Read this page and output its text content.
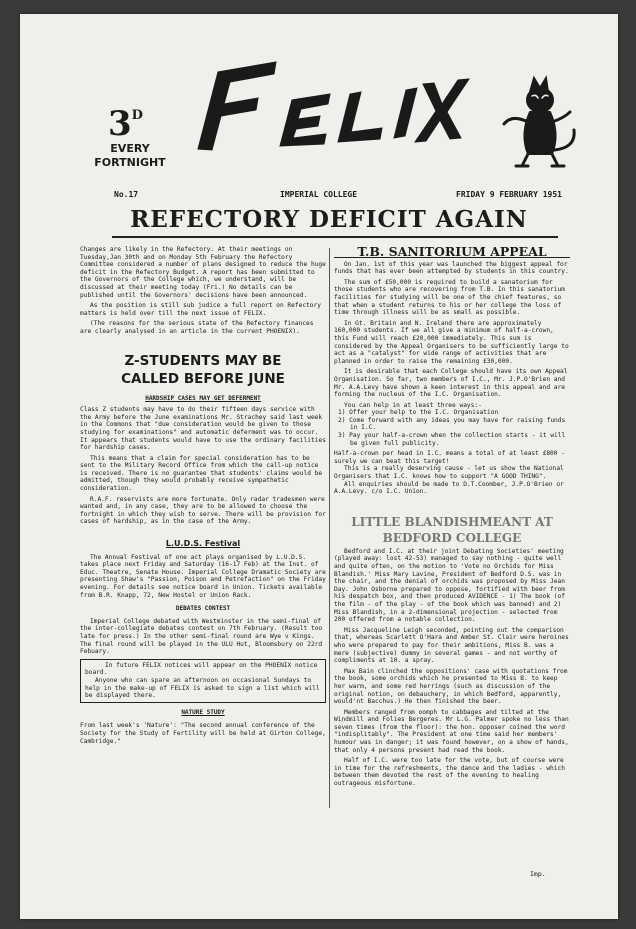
$3^D$
EVERY
FORTNIGHT
No.17	IMPERIAL COLLEGE	FRIDAY 9 FEBRUARY 1951
REFECTORY DEFICIT AGAIN

Changes are likely in the Refectory. At their meetings on Tuesday,Jan 30th and on Monday 5th February the Refectory Committee considered a number of plans designed to reduce the huge deficit in the Refectory Budget. A report has been submitted to the Governors of the College which, we understand, will be discussed at their meeting today (Fri.) No details can be published until the Governors' decisions have been announced.

As the position is still sub judice a full report on Refectory matters is held over till the next issue of FELIX.

(The reasons for the serious state of the Refectory finances are clearly analysed in an article in the current PHOENIX).

Z-STUDENTS MAY BE

CALLED BEFORE JUNE

HARDSHIP CASES MAY GET DEFERMENT

Class Z students may have to do their fifteen days service with the Army before the June examinations Mr. Strachey said last week in the Commons that "due consideration would be given to those studying for examinations" and automatic deferment was to occur. It appears that students would have to use the ordinary facilities for hardship cases.

This means that a claim for special consideration has to be sent to the Military Record Office from which the call-up notice is received. There is no guarantee that students' claims would be admitted, though they would probably receive sympathetic consideration.

R.A.F. reservists are more fortunate. Only radar tradesmen were wanted and, in any case, they are to be allowed to choose the fortnight in which they wish to serve. There will be provision for cases of hardship, as in the case of the Army.

L.U.D.S. Festival

The Annual Festival of one act plays organised by L.U.D.S. takes place next Friday and Saturday (16-17 Feb) at the Inst. of Educ. Theatre, Senate House. Imperial College Dramatic Society are presenting Shaw's "Passion, Poison and Petrefaction" on the Friday evening. For details see notice board in Union. Tickets available from B.R. Knapp, 72, New Hostel or Union Rack.

DEBATES CONTEST

Imperial College debated with Westminster in the semi-final of the inter-collegiate debates contest on 7th February. (Result too late for press.) In the other semi-final round are Wye v Kings. The final round will be played in the ULU Hut, Bloomsbury on 22rd Febuary.

In future FELIX notices will appear on the PHOENIX notice board.

Anyone who can spare an afternoon on occasional Sundays to help in the make-up of FELIX is asked to sign a list which will be displayed there.

NATURE STUDY

From last week's 'Nature': "The second annual conference of the Society for the Study of Fertility will be held at Girton College, Cambridge."

T.B. SANITORIUM APPEAL

On Jan. 1st of this year was launched the biggest appeal for funds that has ever been attempted by students in this country.

The sum of £50,000 is required to build a sanatorium for those students who are recovering from T.B. In this sanatorium facilities for studying will be one of the chief features, so that when a student returns to his or her college the loss of time through illness will be as small as possible.

In Gt. Britain and N. Ireland there are approximately 160,000 students. If we all give a minimum of half-a-crown, this Fund will reach £20,000 immediately. This sum is considered by the Appeal Organisers to be sufficiently large to act as a "catalyst" for wide range of activities that are planned in order to raise the remaining £30,000.

It is desirable that each College should have its own Appeal Organisation. So far, two members of I.C., Mr. J.P.O'Brien and Mr. A.A.Levy have shown a keen interest in this appeal and are forming the nucleus of the I.C. Organisation.

You can help in at least three ways:-

1) Offer your help to the I.C. Organisation
2) Come forward with any ideas you may have for raising funds in I.C.
3) Pay your half-a-crown when the collection starts - it will be given full publicity.

Half-a-crown per head in I.C. means a total of at least £800 - surely we can beat this target!

This is a really deserving cause - let us show the National Organisers that I.C. knows how to support "A GOOD THING".

All enquiries should be made to D.T.Coomber, J.P.O'Brien or A.A.Levy. c/o I.C. Union.

LITTLE BLANDISHMEANT AT

BEDFORD COLLEGE

Bedford and I.C. at their joint Debating Societies' meeting (played away: lost 42-53) managed to say nothing - quite well and quite often, on the motion to 'Vote no Orchids for Miss Blandish.' Miss Mary Lavine, President of Bedford D.S. was in the chair, and the denial of orchids was proposed by Miss Jean Day. John Osborne prepared to oppose, fortified with beer from his despatch box, and then produced AVIDENCE - 1) The book (of the film - of the play - of the book which was banned) and 2) Miss Blandish, in a 2-dimensional projection - selected from 200 offered from a notable collection.

Miss Jacqueline Leigh seconded, pointing out the comparison that, whereas Scarlett O'Hara and Amber St. Clair were heroines who were prepared to pay for their ambitions, Miss B. was a mere (subjective) dummy in several games - and not worthy of compliments at 10. a spray.

Max Bain clinched the oppositions' case with quotations from the book, some orchids which he presented to Miss B. to keep her warm, and some red herrings (such as discussion of the original notion, on debauchery, in which Bedford, apparently, would'nt Bacchus.) He then finished the beer.

Members ranged from oomph to cabbages and tilted at the Windmill and Folies Bergeres. Mr L.G. Palmer spoke no less than seven times (from the floor): the hon. opposer coined the word "indisplitably". The President at one time said her members' humour was in danger; it was found however, on a show of hands, that only 4 persons present had read the book.

Half of I.C. were too late for the vote, but of course were in time for the refreshments, the dance and the ladies - which between them devoted the rest of the evening to healing outrageous misfortune.

Imp.
